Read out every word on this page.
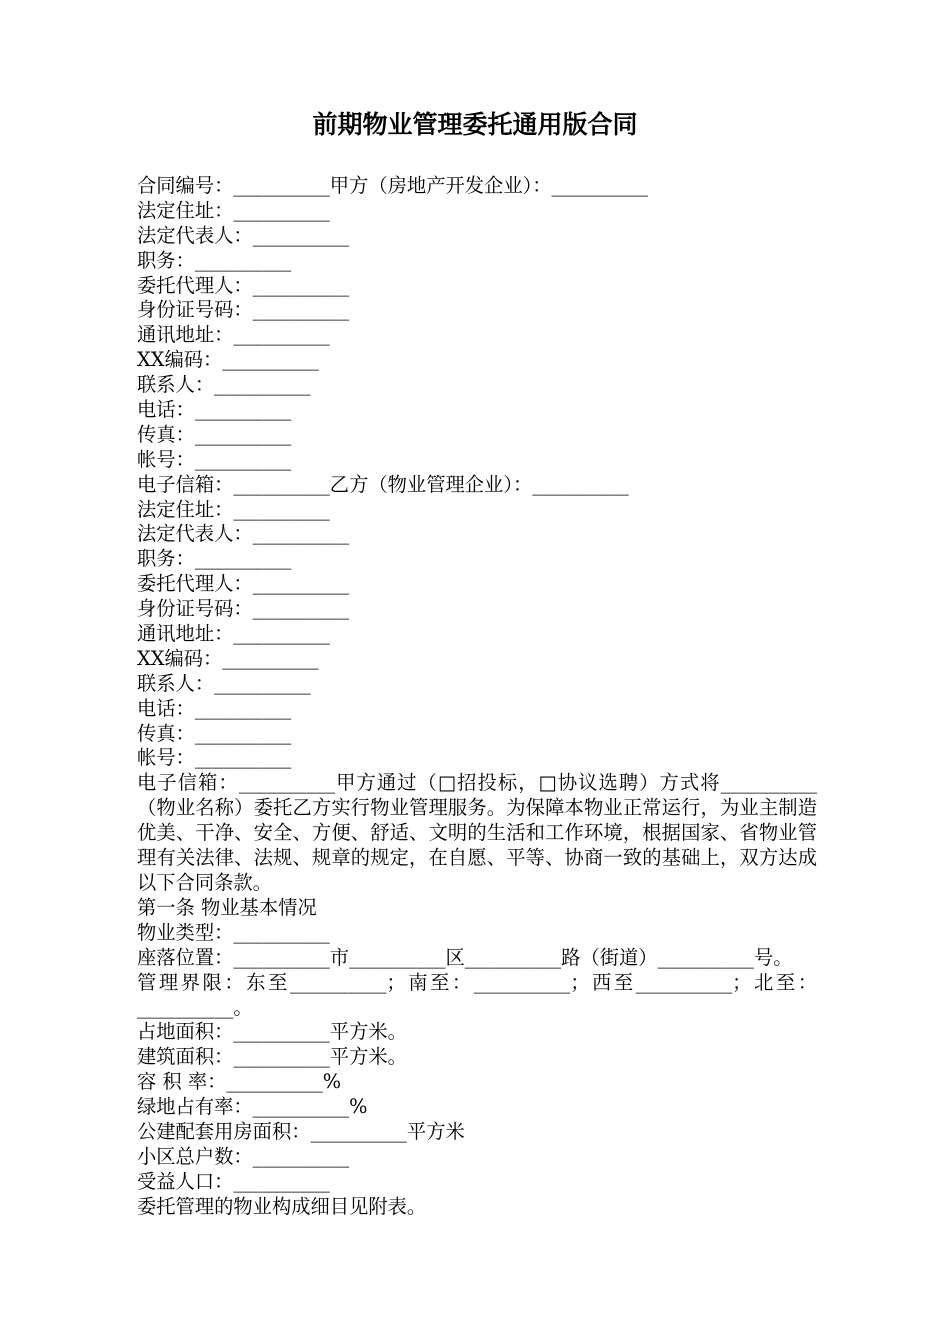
前期物业管理委托通用版合同
合同编号：__________甲方（房地产开发企业）：__________
法定住址：__________
法定代表人：__________
职务：__________
委托代理人：__________
身份证号码：__________
通讯地址：__________
XX编码：__________
联系人：__________
电话：__________
传真：__________
帐号：__________
电子信箱：__________乙方（物业管理企业）：__________
法定住址：__________
法定代表人：__________
职务：__________
委托代理人：__________
身份证号码：__________
通讯地址：__________
XX编码：__________
联系人：__________
电话：__________
传真：__________
帐号：__________
电子信箱：__________甲方通过（□招投标，□协议选聘）方式将__________（物业名称）委托乙方实行物业管理服务。为保障本物业正常运行，为业主制造优美、干净、安全、方便、舒适、文明的生活和工作环境，根据国家、省物业管理有关法律、法规、规章的规定，在自愿、平等、协商一致的基础上，双方达成以下合同条款。
第一条 物业基本情况
物业类型：__________
座落位置：__________市__________区__________路（街道）__________号。
管理界限：东至__________；南至：__________；西至__________；北至：__________。
占地面积：__________平方米。
建筑面积：__________平方米。
容 积 率：__________%
绿地占有率：__________%
公建配套用房面积：__________平方米
小区总户数：__________
受益人口：__________
委托管理的物业构成细目见附表。
